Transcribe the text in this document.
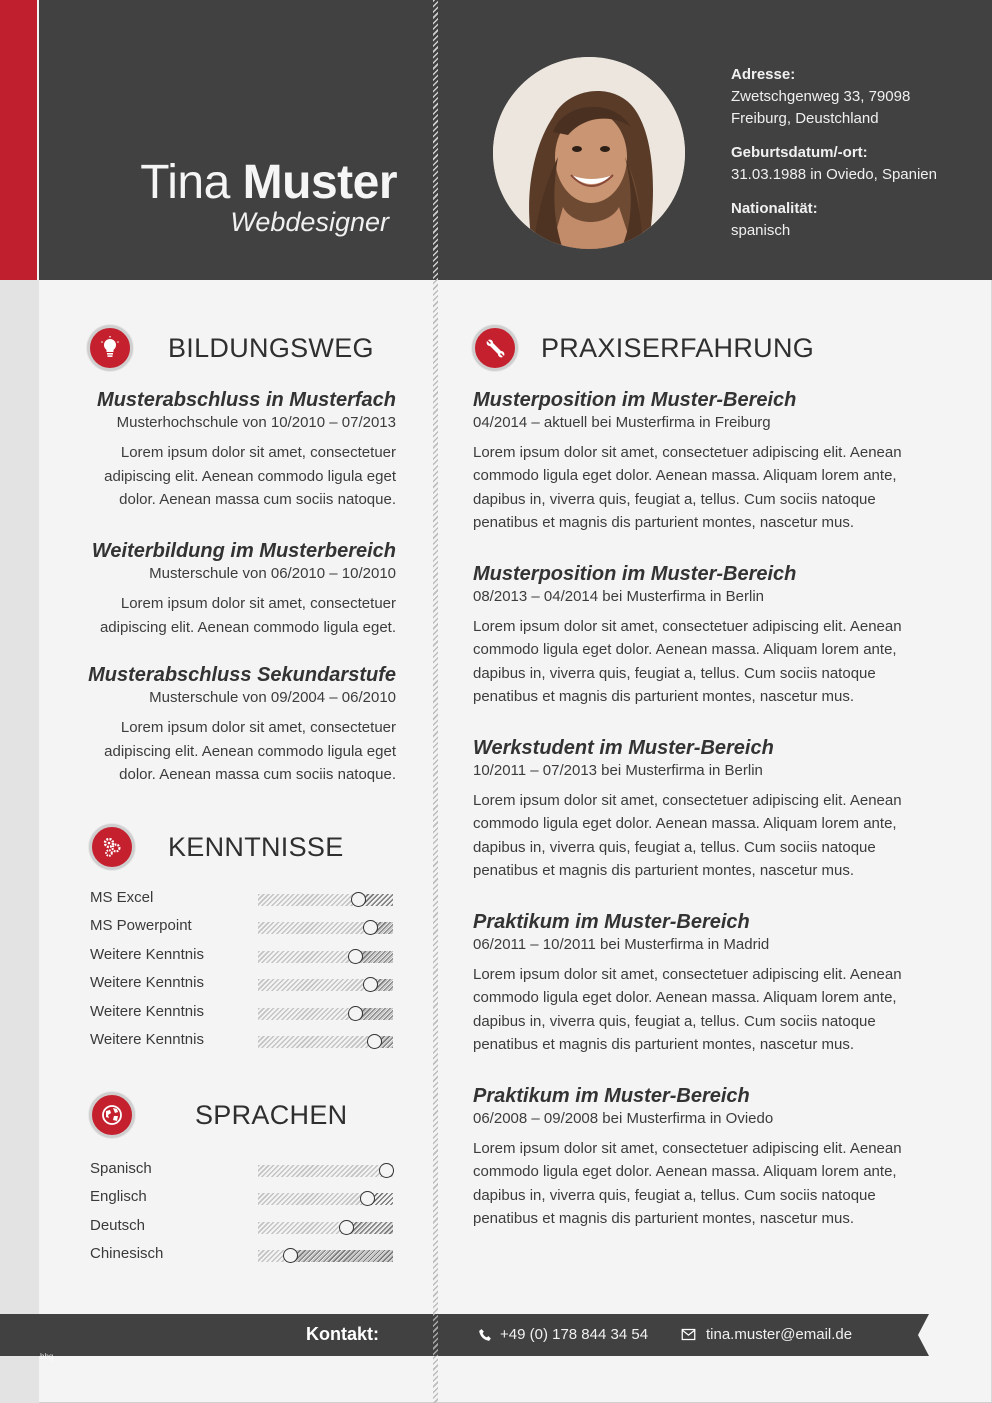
Tina Muster
Webdesigner
Adresse:
Zwetschgenweg 33, 79098
Freiburg, Deustchland
Geburtsdatum/-ort:
31.03.1988 in Oviedo, Spanien
Nationalität:
spanisch
BILDUNGSWEG
Musterabschluss in Musterfach
Musterhochschule von 10/2010 – 07/2013
Lorem ipsum dolor sit amet, consectetuer adipiscing elit. Aenean commodo ligula eget dolor. Aenean massa cum sociis natoque.
Weiterbildung im Musterbereich
Musterschule von 06/2010 – 10/2010
Lorem ipsum dolor sit amet, consectetuer adipiscing elit. Aenean commodo ligula eget.
Musterabschluss Sekundarstufe
Musterschule von 09/2004 – 06/2010
Lorem ipsum dolor sit amet, consectetuer adipiscing elit. Aenean commodo ligula eget dolor. Aenean massa cum sociis natoque.
KENNTNISSE
MS Excel
MS Powerpoint
Weitere Kenntnis
Weitere Kenntnis
Weitere Kenntnis
Weitere Kenntnis
SPRACHEN
Spanisch
Englisch
Deutsch
Chinesisch
PRAXISERFAHRUNG
Musterposition im Muster-Bereich
04/2014 – aktuell bei Musterfirma in Freiburg
Lorem ipsum dolor sit amet, consectetuer adipiscing elit. Aenean commodo ligula eget dolor. Aenean massa. Aliquam lorem ante, dapibus in, viverra quis, feugiat a, tellus. Cum sociis natoque penatibus et magnis dis parturient montes, nascetur mus.
Musterposition im Muster-Bereich
08/2013 – 04/2014 bei Musterfirma in Berlin
Lorem ipsum dolor sit amet, consectetuer adipiscing elit. Aenean commodo ligula eget dolor. Aenean massa. Aliquam lorem ante, dapibus in, viverra quis, feugiat a, tellus. Cum sociis natoque penatibus et magnis dis parturient montes, nascetur mus.
Werkstudent im Muster-Bereich
10/2011 – 07/2013 bei Musterfirma in Berlin
Lorem ipsum dolor sit amet, consectetuer adipiscing elit. Aenean commodo ligula eget dolor. Aenean massa. Aliquam lorem ante, dapibus in, viverra quis, feugiat a, tellus. Cum sociis natoque penatibus et magnis dis parturient montes, nascetur mus.
Praktikum im Muster-Bereich
06/2011 – 10/2011 bei Musterfirma in Madrid
Lorem ipsum dolor sit amet, consectetuer adipiscing elit. Aenean commodo ligula eget dolor. Aenean massa. Aliquam lorem ante, dapibus in, viverra quis, feugiat a, tellus. Cum sociis natoque penatibus et magnis dis parturient montes, nascetur mus.
Praktikum im Muster-Bereich
06/2008 – 09/2008 bei Musterfirma in Oviedo
Lorem ipsum dolor sit amet, consectetuer adipiscing elit. Aenean commodo ligula eget dolor. Aenean massa. Aliquam lorem ante, dapibus in, viverra quis, feugiat a, tellus. Cum sociis natoque penatibus et magnis dis parturient montes, nascetur mus.
Kontakt:	+49 (0) 178 844 34 54	tina.muster@email.de
bbg
